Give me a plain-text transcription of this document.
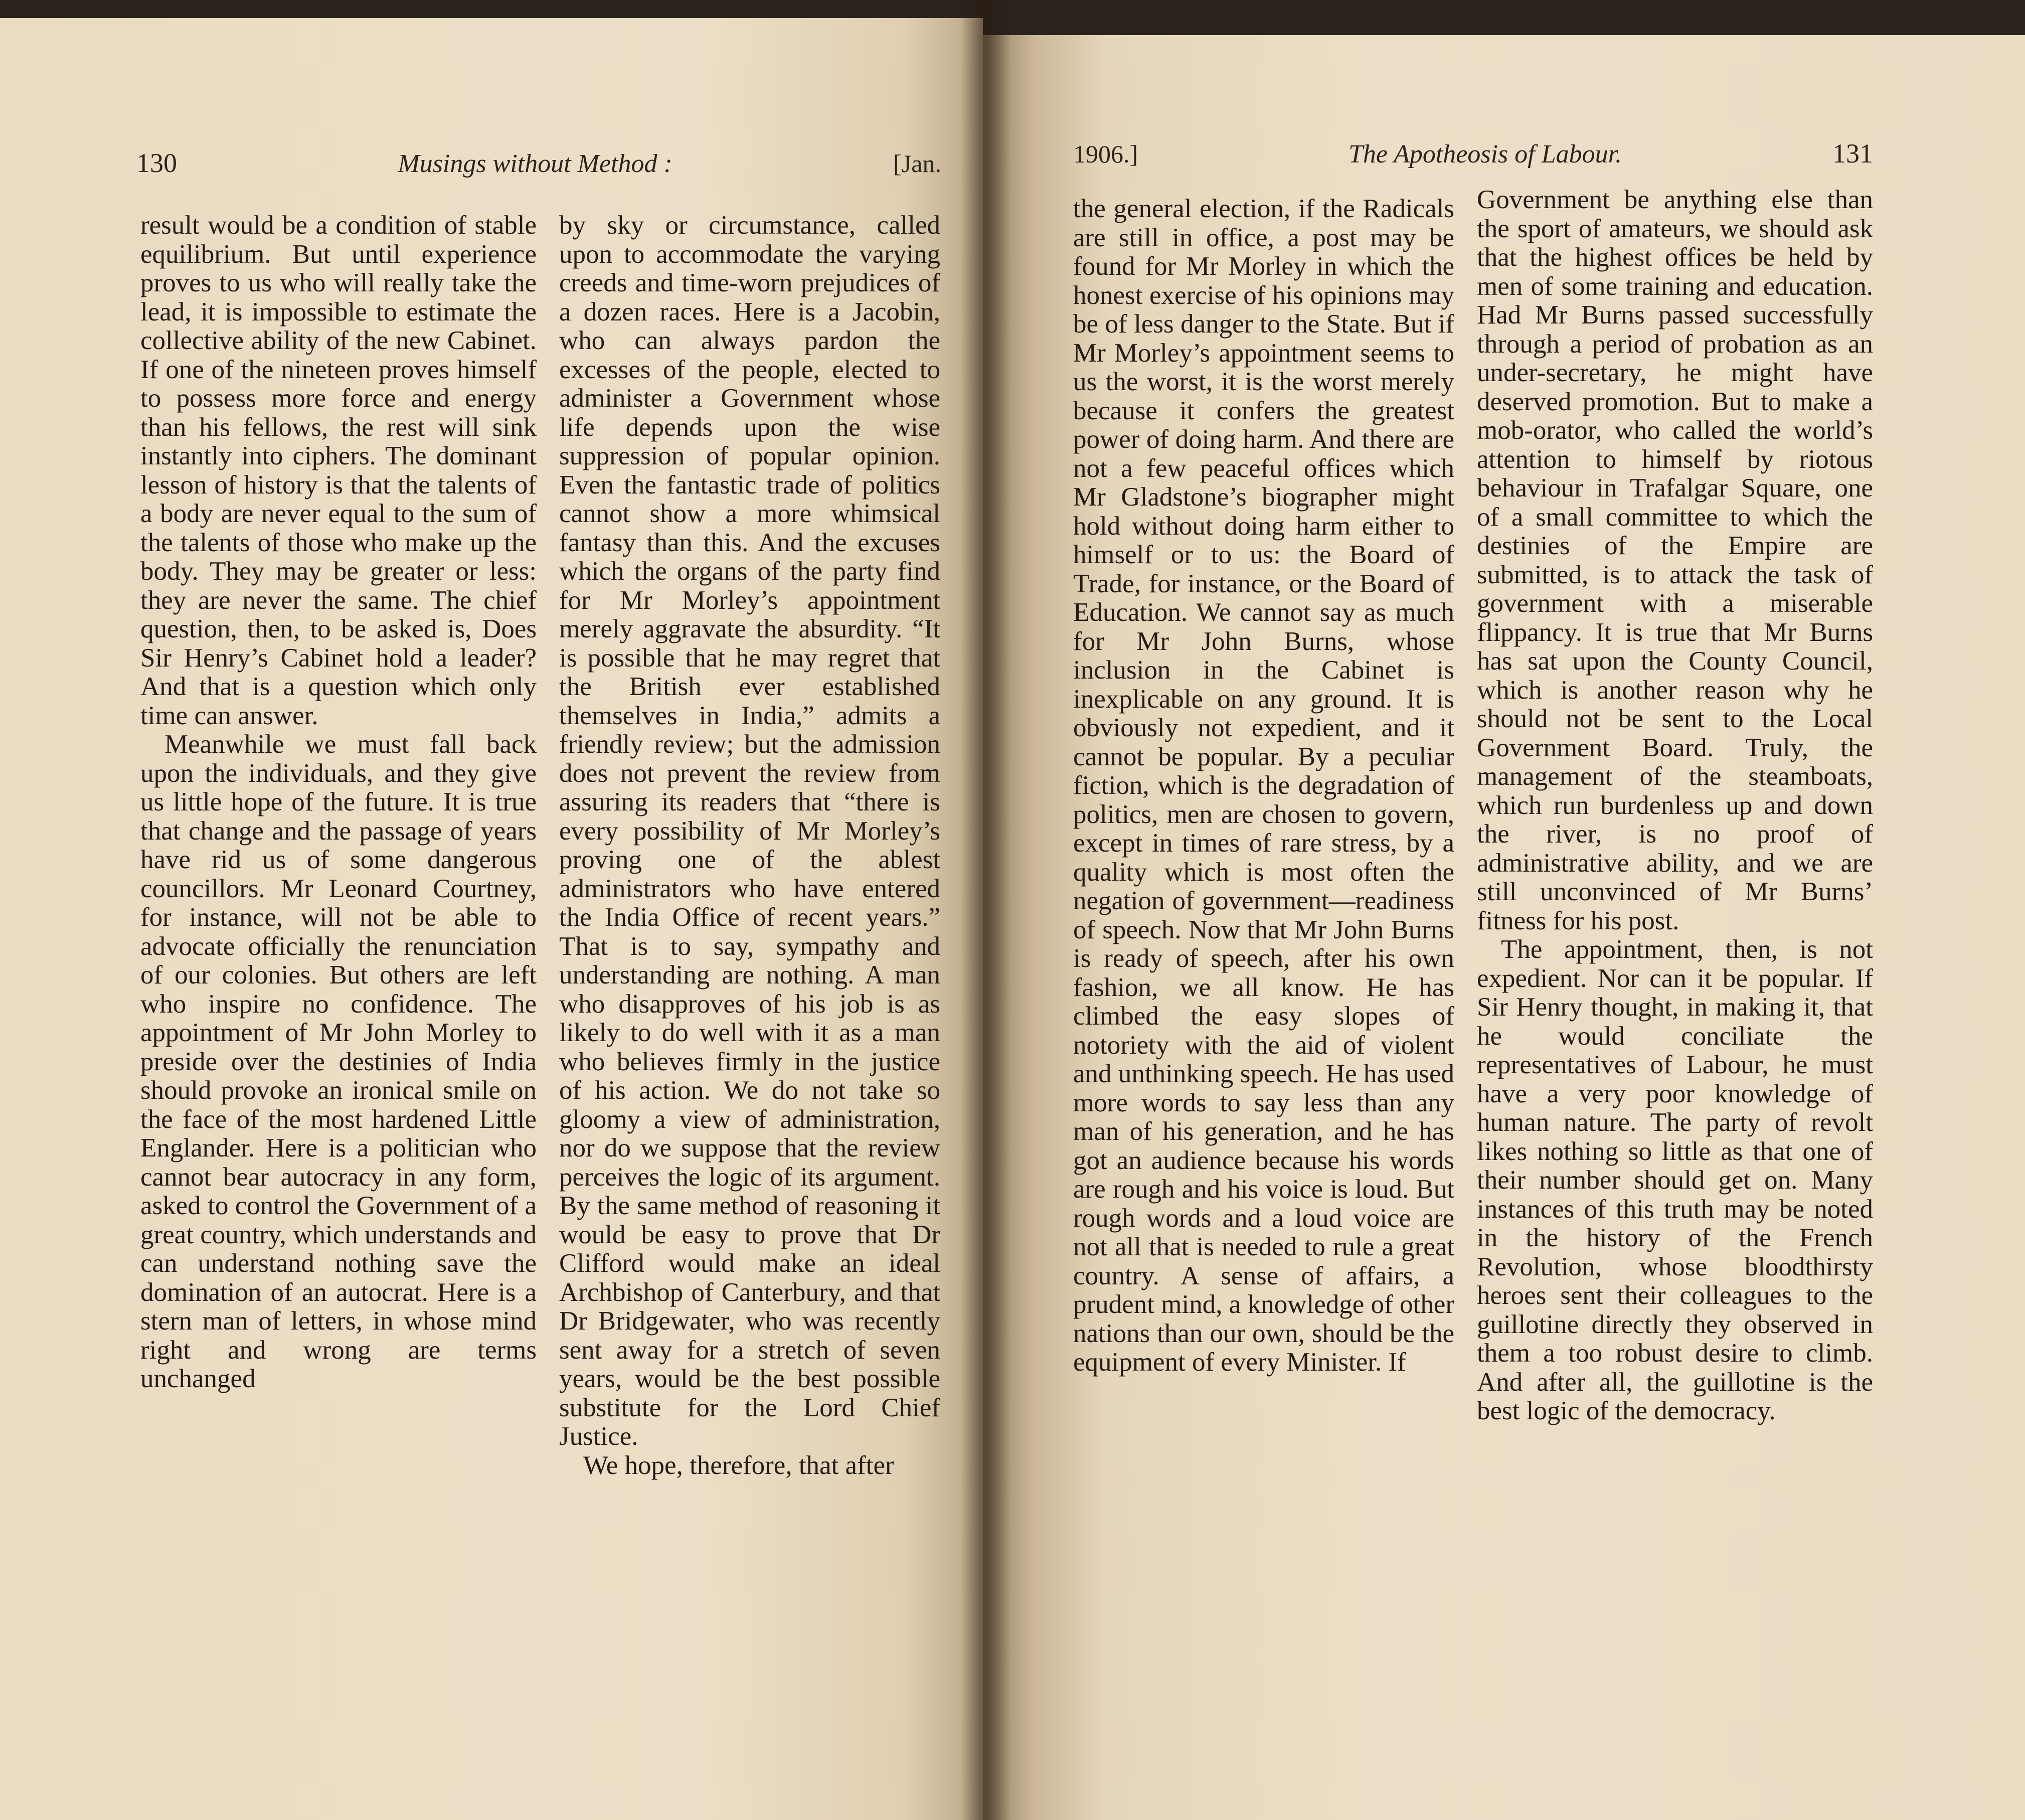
130	Musings without Method :	[Jan.

result would be a condition of stable equilibrium. But until experience proves to us who will really take the lead, it is impossible to estimate the collective ability of the new Cabinet. If one of the nineteen proves himself to possess more force and energy than his fellows, the rest will sink instantly into ciphers. The dominant lesson of history is that the talents of a body are never equal to the sum of the talents of those who make up the body. They may be greater or less: they are never the same. The chief question, then, to be asked is, Does Sir Henry’s Cabinet hold a leader? And that is a question which only time can answer.

Meanwhile we must fall back upon the individuals, and they give us little hope of the future. It is true that change and the passage of years have rid us of some dangerous councillors. Mr Leonard Courtney, for instance, will not be able to advocate officially the renunciation of our colonies. But others are left who inspire no confidence. The appointment of Mr John Morley to preside over the destinies of India should provoke an ironical smile on the face of the most hardened Little Englander. Here is a politician who cannot bear autocracy in any form, asked to control the Government of a great country, which understands and can understand nothing save the domination of an autocrat. Here is a stern man of letters, in whose mind right and wrong are terms unchanged

by sky or circumstance, called upon to accommodate the varying creeds and time-worn prejudices of a dozen races. Here is a Jacobin, who can always pardon the excesses of the people, elected to administer a Government whose life depends upon the wise suppression of popular opinion. Even the fantastic trade of politics cannot show a more whimsical fantasy than this. And the excuses which the organs of the party find for Mr Morley’s appointment merely aggravate the absurdity. “It is possible that he may regret that the British ever established themselves in India,” admits a friendly review; but the admission does not prevent the review from assuring its readers that “there is every possibility of Mr Morley’s proving one of the ablest administrators who have entered the India Office of recent years.” That is to say, sympathy and understanding are nothing. A man who disapproves of his job is as likely to do well with it as a man who believes firmly in the justice of his action. We do not take so gloomy a view of administration, nor do we suppose that the review perceives the logic of its argument. By the same method of reasoning it would be easy to prove that Dr Clifford would make an ideal Archbishop of Canterbury, and that Dr Bridgewater, who was recently sent away for a stretch of seven years, would be the best possible substitute for the Lord Chief Justice.

We hope, therefore, that after

1906.]	The Apotheosis of Labour.	131

the general election, if the Radicals are still in office, a post may be found for Mr Morley in which the honest exercise of his opinions may be of less danger to the State. But if Mr Morley’s appointment seems to us the worst, it is the worst merely because it confers the greatest power of doing harm. And there are not a few peaceful offices which Mr Gladstone’s biographer might hold without doing harm either to himself or to us: the Board of Trade, for instance, or the Board of Education. We cannot say as much for Mr John Burns, whose inclusion in the Cabinet is inexplicable on any ground. It is obviously not expedient, and it cannot be popular. By a peculiar fiction, which is the degradation of politics, men are chosen to govern, except in times of rare stress, by a quality which is most often the negation of government—readiness of speech. Now that Mr John Burns is ready of speech, after his own fashion, we all know. He has climbed the easy slopes of notoriety with the aid of violent and unthinking speech. He has used more words to say less than any man of his generation, and he has got an audience because his words are rough and his voice is loud. But rough words and a loud voice are not all that is needed to rule a great country. A sense of affairs, a prudent mind, a knowledge of other nations than our own, should be the equipment of every Minister. If

Government be anything else than the sport of amateurs, we should ask that the highest offices be held by men of some training and education. Had Mr Burns passed successfully through a period of probation as an under-secretary, he might have deserved promotion. But to make a mob-orator, who called the world’s attention to himself by riotous behaviour in Trafalgar Square, one of a small committee to which the destinies of the Empire are submitted, is to attack the task of government with a miserable flippancy. It is true that Mr Burns has sat upon the County Council, which is another reason why he should not be sent to the Local Government Board. Truly, the management of the steamboats, which run burdenless up and down the river, is no proof of administrative ability, and we are still unconvinced of Mr Burns’ fitness for his post.

The appointment, then, is not expedient. Nor can it be popular. If Sir Henry thought, in making it, that he would conciliate the representatives of Labour, he must have a very poor knowledge of human nature. The party of revolt likes nothing so little as that one of their number should get on. Many instances of this truth may be noted in the history of the French Revolution, whose bloodthirsty heroes sent their colleagues to the guillotine directly they observed in them a too robust desire to climb. And after all, the guillotine is the best logic of the democracy.
